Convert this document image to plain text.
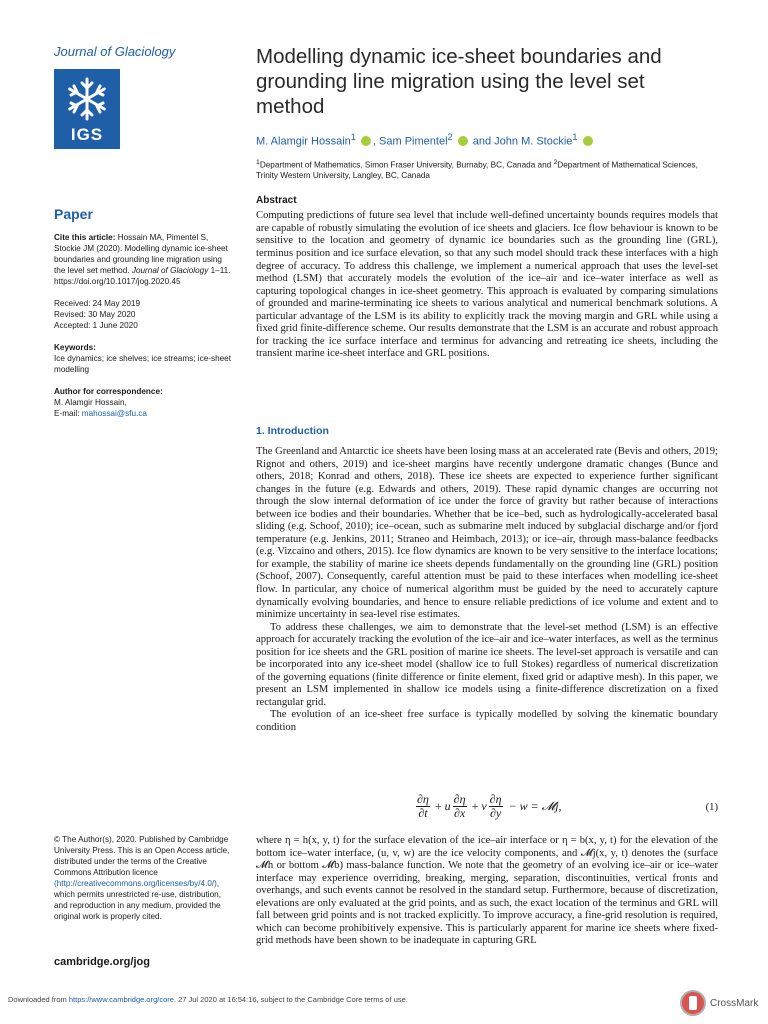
Journal of Glaciology
IGS
Paper
Cite this article: Hossain MA, Pimentel S, Stockie JM (2020). Modelling dynamic ice-sheet boundaries and grounding line migration using the level set method. Journal of Glaciology 1–11. https://doi.org/10.1017/jog.2020.45
Received: 24 May 2019
Revised: 30 May 2020
Accepted: 1 June 2020
Keywords:
Ice dynamics; ice shelves; ice streams; ice-sheet modelling
Author for correspondence:
M. Alamgir Hossain,
E-mail: mahossai@sfu.ca
© The Author(s), 2020. Published by Cambridge University Press. This is an Open Access article, distributed under the terms of the Creative Commons Attribution licence (http://creativecommons.org/licenses/by/4.0/), which permits unrestricted re-use, distribution, and reproduction in any medium, provided the original work is properly cited.
cambridge.org/jog
Modelling dynamic ice-sheet boundaries and grounding line migration using the level set method
M. Alamgir Hossain$^1$ , Sam Pimentel$^2$ and John M. Stockie$^1$
$^1$Department of Mathematics, Simon Fraser University, Burnaby, BC, Canada and $^2$Department of Mathematical Sciences, Trinity Western University, Langley, BC, Canada
Abstract

Computing predictions of future sea level that include well-defined uncertainty bounds requires models that are capable of robustly simulating the evolution of ice sheets and glaciers. Ice flow behaviour is known to be sensitive to the location and geometry of dynamic ice boundaries such as the grounding line (GRL), terminus position and ice surface elevation, so that any such model should track these interfaces with a high degree of accuracy. To address this challenge, we implement a numerical approach that uses the level-set method (LSM) that accurately models the evolution of the ice–air and ice–water interface as well as capturing topological changes in ice-sheet geometry. This approach is evaluated by comparing simulations of grounded and marine-terminating ice sheets to various analytical and numerical benchmark solutions. A particular advantage of the LSM is its ability to explicitly track the moving margin and GRL while using a fixed grid finite-difference scheme. Our results demonstrate that the LSM is an accurate and robust approach for tracking the ice surface interface and terminus for advancing and retreating ice sheets, including the transient marine ice-sheet interface and GRL positions.

1. Introduction

The Greenland and Antarctic ice sheets have been losing mass at an accelerated rate (Bevis and others, 2019; Rignot and others, 2019) and ice-sheet margins have recently undergone dramatic changes (Bunce and others, 2018; Konrad and others, 2018). These ice sheets are expected to experience further significant changes in the future (e.g. Edwards and others, 2019). These rapid dynamic changes are occurring not through the slow internal deformation of ice under the force of gravity but rather because of interactions between ice bodies and their boundaries. Whether that be ice–bed, such as hydrologically-accelerated basal sliding (e.g. Schoof, 2010); ice–ocean, such as submarine melt induced by subglacial discharge and/or fjord temperature (e.g. Jenkins, 2011; Straneo and Heimbach, 2013); or ice–air, through mass-balance feedbacks (e.g. Vizcaino and others, 2015). Ice flow dynamics are known to be very sensitive to the interface locations; for example, the stability of marine ice sheets depends fundamentally on the grounding line (GRL) position (Schoof, 2007). Consequently, careful attention must be paid to these interfaces when modelling ice-sheet flow. In particular, any choice of numerical algorithm must be guided by the need to accurately capture dynamically evolving boundaries, and hence to ensure reliable predictions of ice volume and extent and to minimize uncertainty in sea-level rise estimates.

To address these challenges, we aim to demonstrate that the level-set method (LSM) is an effective approach for accurately tracking the evolution of the ice–air and ice–water interfaces, as well as the terminus position for ice sheets and the GRL position of marine ice sheets. The level-set approach is versatile and can be incorporated into any ice-sheet model (shallow ice to full Stokes) regardless of numerical discretization of the governing equations (finite difference or finite element, fixed grid or adaptive mesh). In this paper, we present an LSM implemented in shallow ice models using a finite-difference discretization on a fixed rectangular grid.

The evolution of an ice-sheet free surface is typically modelled by solving the kinematic boundary condition

$\frac{\partial\eta}{\partial t} + u \frac{\partial\eta}{\partial x} + v \frac{\partial\eta}{\partial y} - w$ = 𝓜j,	(1)

where η = h(x, y, t) for the surface elevation of the ice–air interface or η = b(x, y, t) for the elevation of the bottom ice–water interface, (u, v, w) are the ice velocity components, and 𝓜j(x, y, t) denotes the (surface 𝓜h or bottom 𝓜b) mass-balance function. We note that the geometry of an evolving ice–air or ice–water interface may experience overriding, breaking, merging, separation, discontinuities, vertical fronts and overhangs, and such events cannot be resolved in the standard setup. Furthermore, because of discretization, elevations are only evaluated at the grid points, and as such, the exact location of the terminus and GRL will fall between grid points and is not tracked explicitly. To improve accuracy, a fine-grid resolution is required, which can become prohibitively expensive. This is particularly apparent for marine ice sheets where fixed-grid methods have been shown to be inadequate in capturing GRL

Downloaded from https://www.cambridge.org/core. 27 Jul 2020 at 16:54:16, subject to the Cambridge Core terms of use.	CrossMark
